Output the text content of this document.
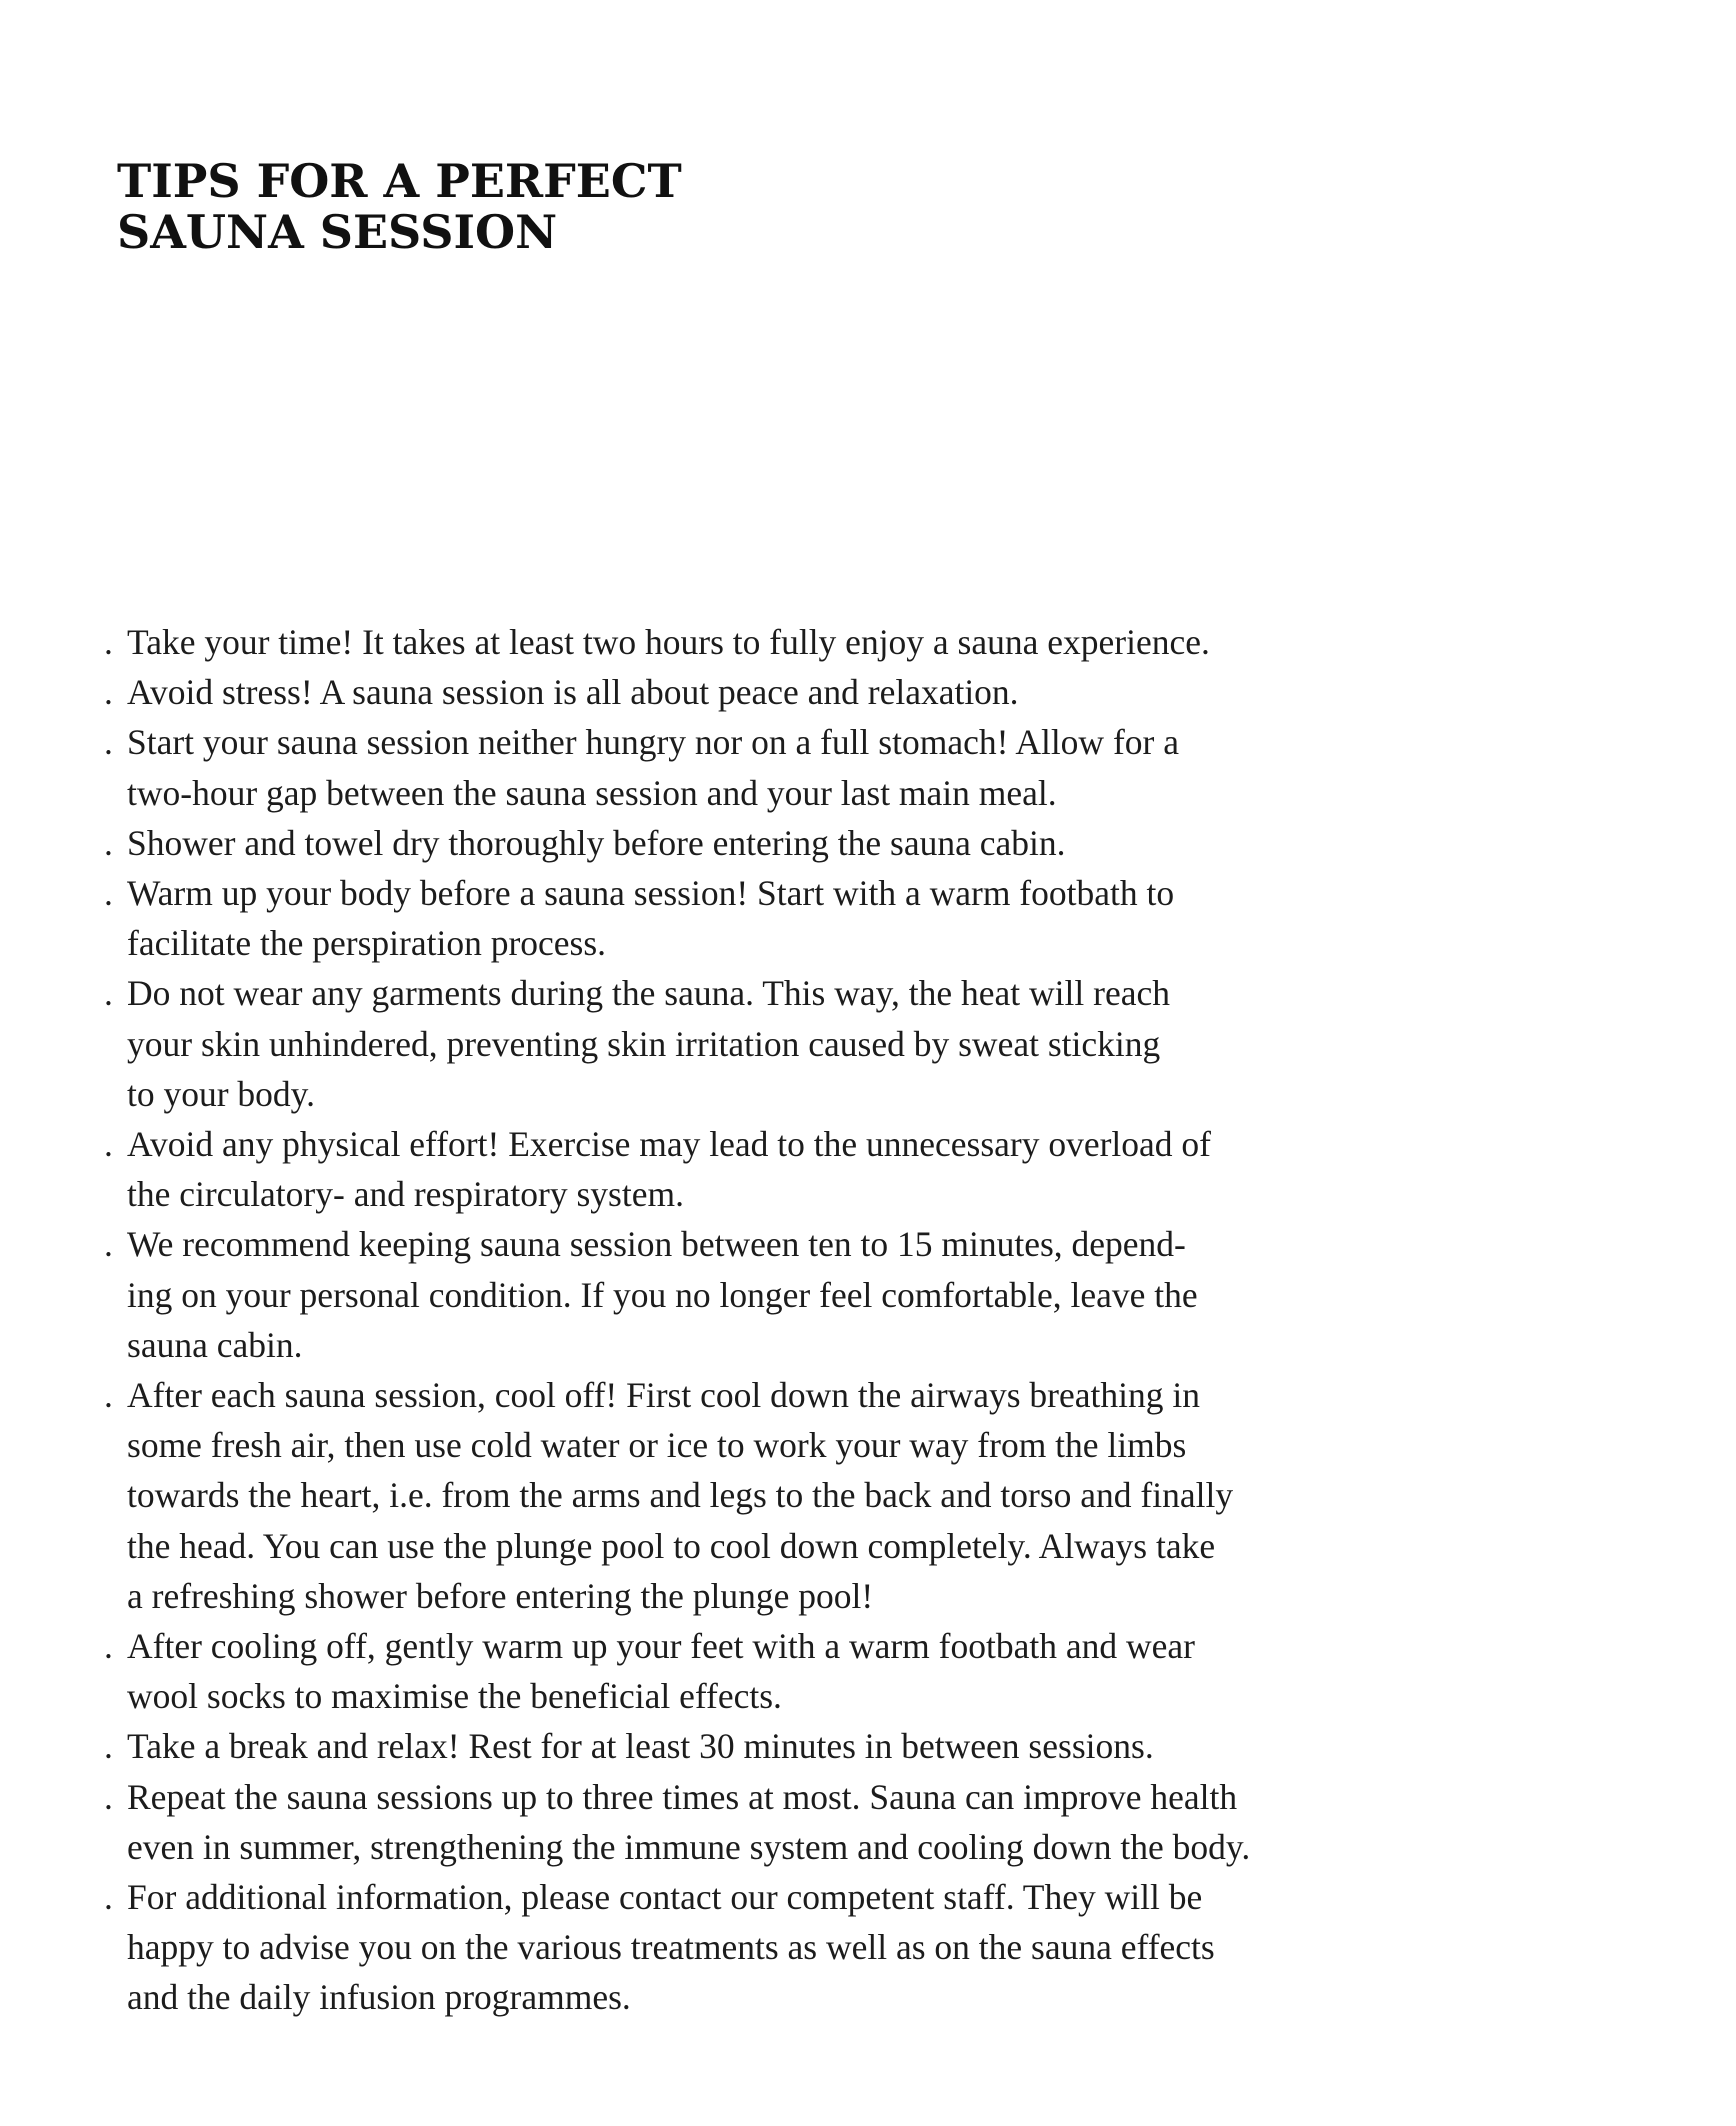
TIPS FOR A PERFECT
SAUNA SESSION
. Take your time! It takes at least two hours to fully enjoy a sauna experience.
. Avoid stress! A sauna session is all about peace and relaxation.
. Start your sauna session neither hungry nor on a full stomach! Allow for a
two-hour gap between the sauna session and your last main meal.
. Shower and towel dry thoroughly before entering the sauna cabin.
. Warm up your body before a sauna session! Start with a warm footbath to
facilitate the perspiration process.
. Do not wear any garments during the sauna. This way, the heat will reach
your skin unhindered, preventing skin irritation caused by sweat sticking
to your body.
. Avoid any physical effort! Exercise may lead to the unnecessary overload of
the circulatory- and respiratory system.
. We recommend keeping sauna session between ten to 15 minutes, depend-
ing on your personal condition. If you no longer feel comfortable, leave the
sauna cabin.
. After each sauna session, cool off! First cool down the airways breathing in
some fresh air, then use cold water or ice to work your way from the limbs
towards the heart, i.e. from the arms and legs to the back and torso and finally
the head. You can use the plunge pool to cool down completely. Always take
a refreshing shower before entering the plunge pool!
. After cooling off, gently warm up your feet with a warm footbath and wear
wool socks to maximise the beneficial effects.
. Take a break and relax! Rest for at least 30 minutes in between sessions.
. Repeat the sauna sessions up to three times at most. Sauna can improve health
even in summer, strengthening the immune system and cooling down the body.
. For additional information, please contact our competent staff. They will be
happy to advise you on the various treatments as well as on the sauna effects
and the daily infusion programmes.
